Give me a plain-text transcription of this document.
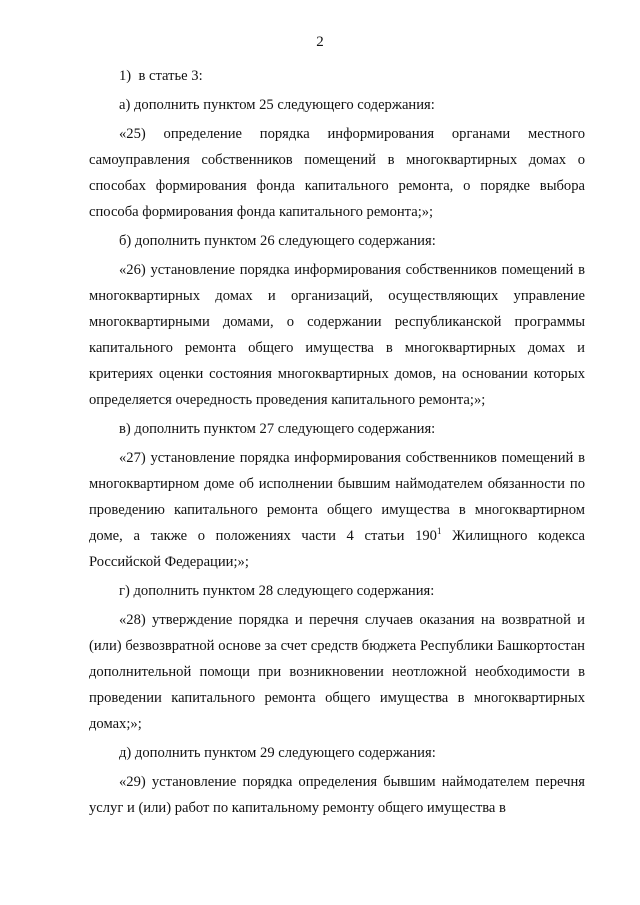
2

1)  в статье 3:

а) дополнить пунктом 25 следующего содержания:

«25) определение порядка информирования органами местного самоуправления собственников помещений в многоквартирных домах о способах формирования фонда капитального ремонта, о порядке выбора способа формирования фонда капитального ремонта;»;

б) дополнить пунктом 26 следующего содержания:

«26) установление порядка информирования собственников помещений в многоквартирных домах и организаций, осуществляющих управление многоквартирными домами, о содержании республиканской программы капитального ремонта общего имущества в многоквартирных домах и критериях оценки состояния многоквартирных домов, на основании которых определяется очередность проведения капитального ремонта;»;

в) дополнить пунктом 27 следующего содержания:

«27) установление порядка информирования собственников помещений в многоквартирном доме об исполнении бывшим наймодателем обязанности по проведению капитального ремонта общего имущества в многоквартирном доме, а также о положениях части 4 статьи $190^1$ Жилищного кодекса Российской Федерации;»;

г) дополнить пунктом 28 следующего содержания:

«28) утверждение порядка и перечня случаев оказания на возвратной и (или) безвозвратной основе за счет средств бюджета Республики Башкортостан дополнительной помощи при возникновении неотложной необходимости в проведении капитального ремонта общего имущества в многоквартирных домах;»;

д) дополнить пунктом 29 следующего содержания:

«29) установление порядка определения бывшим наймодателем перечня услуг и (или) работ по капитальному ремонту общего имущества в
